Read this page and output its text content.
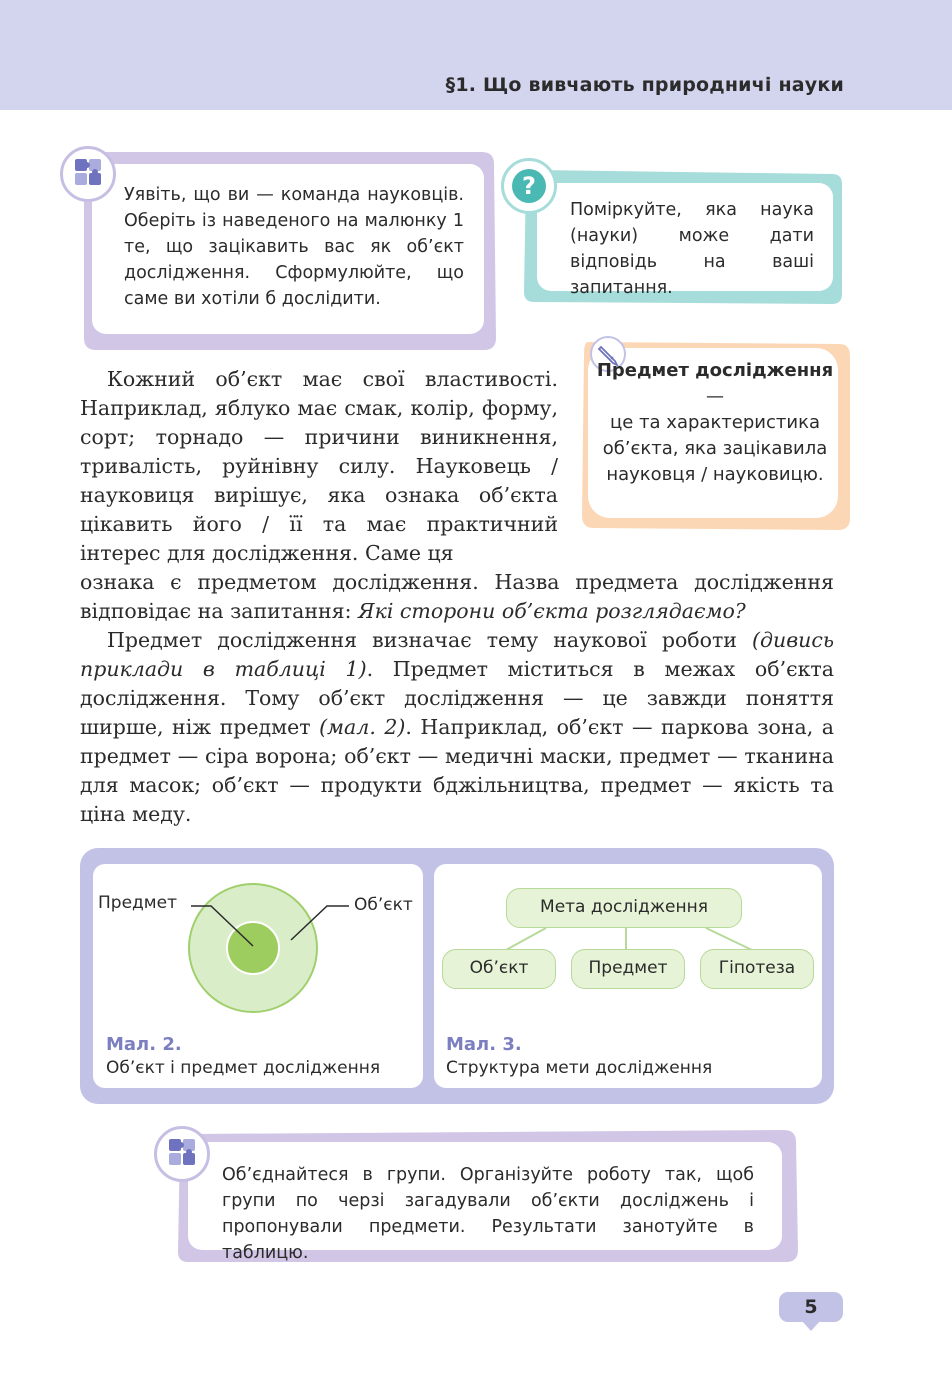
§1. Що вивчають природничі науки
Уявіть, що ви — команда науковців. Оберіть із наведеного на малюнку 1 те, що зацікавить вас як об’єкт дослідження. Сформулюйте, що саме ви хотіли б дослідити.
?
Поміркуйте, яка наука (науки) може дати відповідь на ваші запитання.
Предмет дослідження —
це та характеристика об’єкта, яка зацікавила науковця / науковицю.

Кожний об’єкт має свої властивості. Наприклад, яблуко має смак, колір, форму, сорт; торнадо — причини виникнення, тривалість, руйнівну силу. Науковець / науковиця вирішує, яка ознака об’єкта цікавить його / її та має практичний інтерес для дослідження. Саме ця

ознака є предметом дослідження. Назва предмета дослідження відповідає на запитання: Які сторони об’єкта розглядаємо?

Предмет дослідження визначає тему наукової роботи (дивись приклади в таблиці 1). Предмет міститься в межах об’єкта дослідження. Тому об’єкт дослідження — це завжди поняття ширше, ніж предмет (мал. 2). Наприклад, об’єкт — паркова зона, а предмет — сіра ворона; об’єкт — медичні маски, предмет — тканина для масок; об’єкт — продукти бджільництва, предмет — якість та ціна меду.

Предмет	Об’єкт
Мал. 2.
Об’єкт і предмет дослідження
Мета дослідження
Об’єкт	Предмет	Гіпотеза
Мал. 3.
Структура мети дослідження
Об’єднайтеся в групи. Організуйте роботу так, щоб групи по черзі загадували об’єкти досліджень і пропонували предмети. Результати занотуйте в таблицю.
5
